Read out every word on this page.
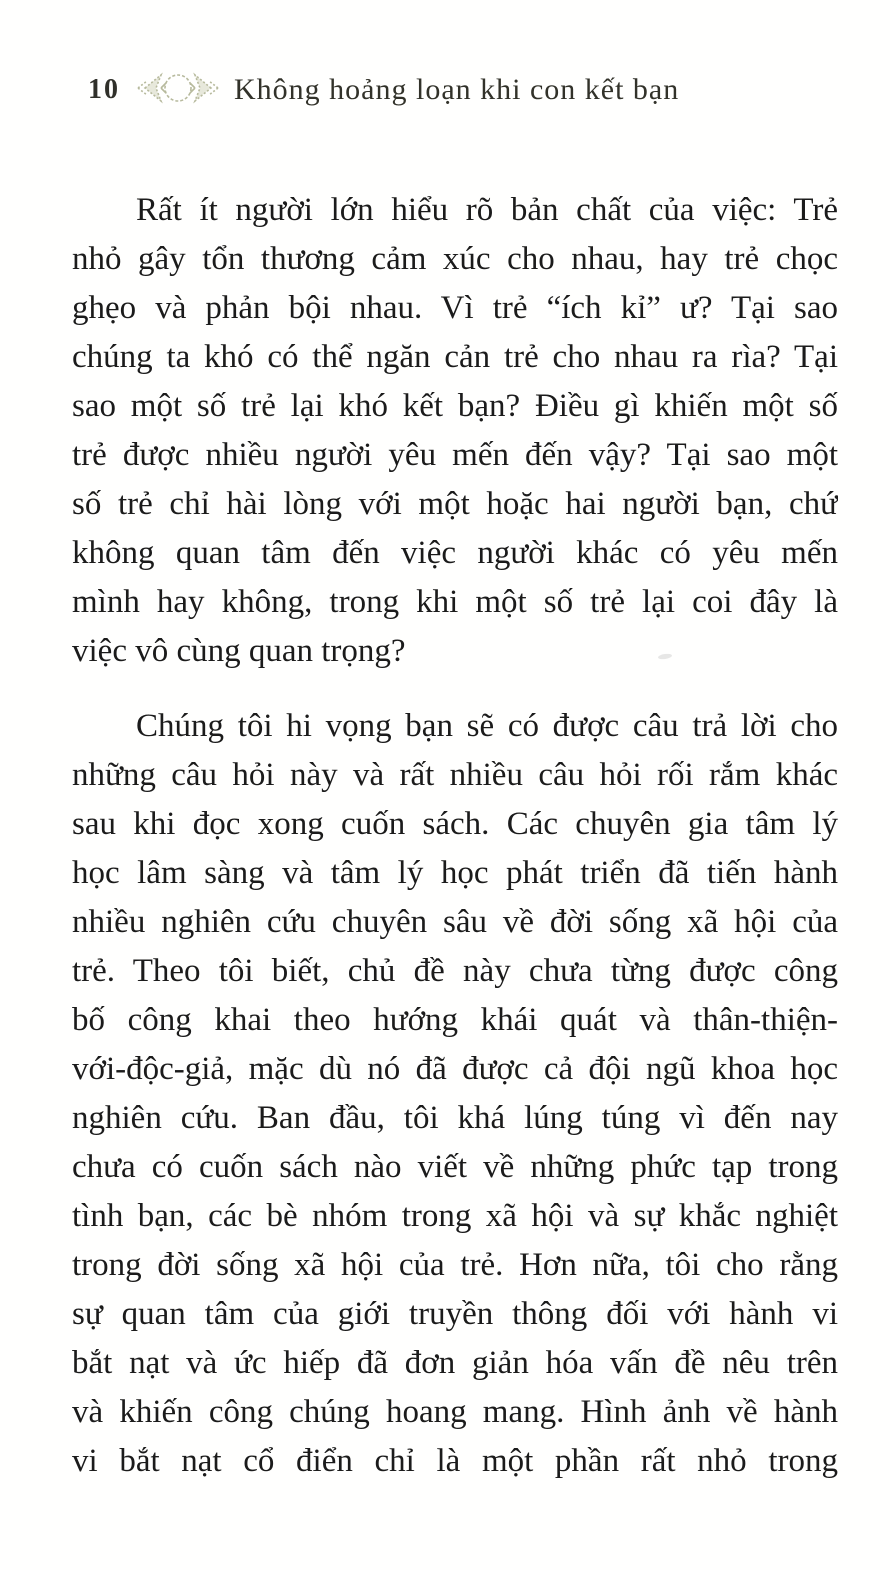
10	Không hoảng loạn khi con kết bạn
Rất ít người lớn hiểu rõ bản chất của việc: Trẻ
nhỏ gây tổn thương cảm xúc cho nhau, hay trẻ chọc
ghẹo và phản bội nhau. Vì trẻ “ích kỉ” ư? Tại sao
chúng ta khó có thể ngăn cản trẻ cho nhau ra rìa? Tại
sao một số trẻ lại khó kết bạn? Điều gì khiến một số
trẻ được nhiều người yêu mến đến vậy? Tại sao một
số trẻ chỉ hài lòng với một hoặc hai người bạn, chứ
không quan tâm đến việc người khác có yêu mến
mình hay không, trong khi một số trẻ lại coi đây là
việc vô cùng quan trọng?
Chúng tôi hi vọng bạn sẽ có được câu trả lời cho
những câu hỏi này và rất nhiều câu hỏi rối rắm khác
sau khi đọc xong cuốn sách. Các chuyên gia tâm lý
học lâm sàng và tâm lý học phát triển đã tiến hành
nhiều nghiên cứu chuyên sâu về đời sống xã hội của
trẻ. Theo tôi biết, chủ đề này chưa từng được công
bố công khai theo hướng khái quát và thân-thiện-
với-độc-giả, mặc dù nó đã được cả đội ngũ khoa học
nghiên cứu. Ban đầu, tôi khá lúng túng vì đến nay
chưa có cuốn sách nào viết về những phức tạp trong
tình bạn, các bè nhóm trong xã hội và sự khắc nghiệt
trong đời sống xã hội của trẻ. Hơn nữa, tôi cho rằng
sự quan tâm của giới truyền thông đối với hành vi
bắt nạt và ức hiếp đã đơn giản hóa vấn đề nêu trên
và khiến công chúng hoang mang. Hình ảnh về hành
vi bắt nạt cổ điển chỉ là một phần rất nhỏ trong
